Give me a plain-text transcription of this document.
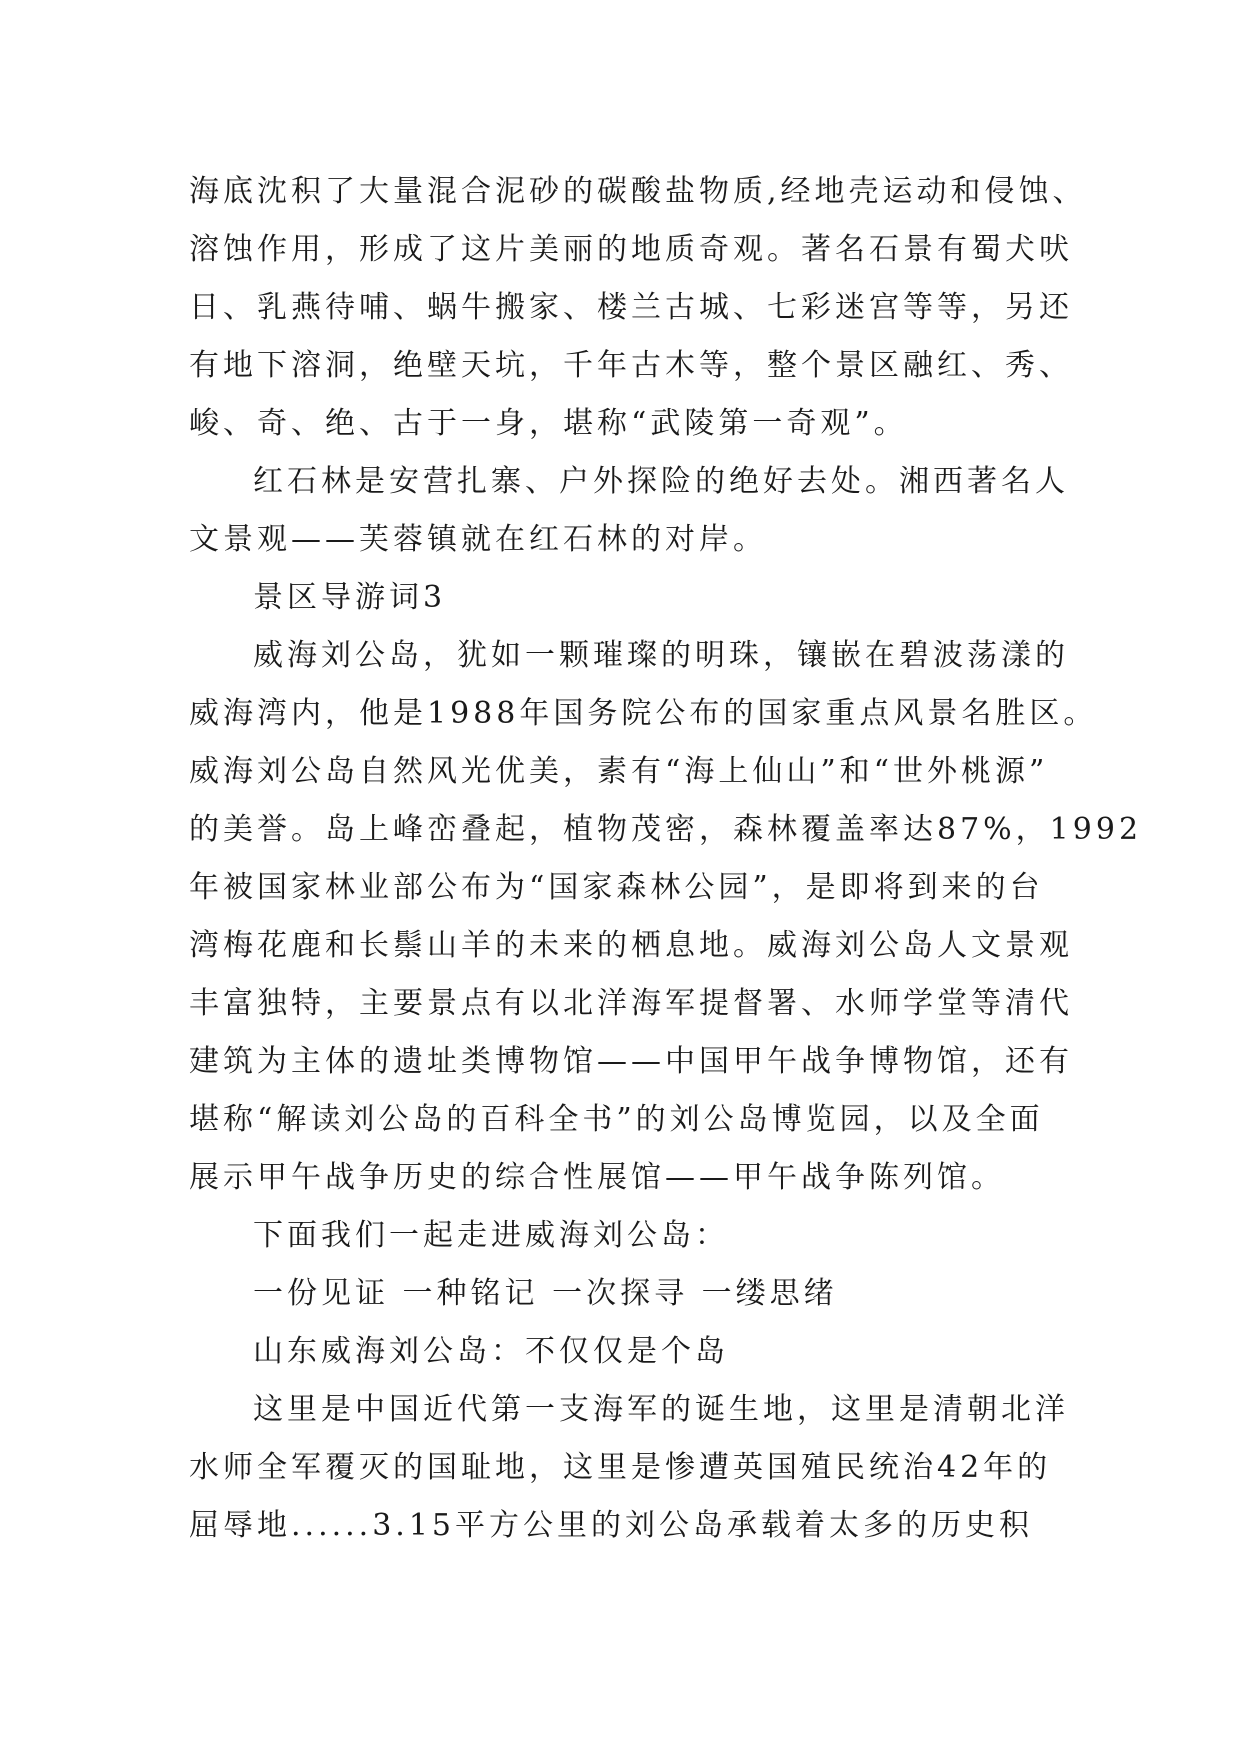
海底沈积了大量混合泥砂的碳酸盐物质,经地壳运动和侵蚀、
溶蚀作用，形成了这片美丽的地质奇观。著名石景有蜀犬吠
日、乳燕待哺、蜗牛搬家、楼兰古城、七彩迷宫等等，另还
有地下溶洞，绝壁天坑，千年古木等，整个景区融红、秀、
峻、奇、绝、古于一身，堪称“武陵第一奇观”。
红石林是安营扎寨、户外探险的绝好去处。湘西著名人
文景观——芙蓉镇就在红石林的对岸。
景区导游词3
威海刘公岛，犹如一颗璀璨的明珠，镶嵌在碧波荡漾的
威海湾内，他是1988年国务院公布的国家重点风景名胜区。
威海刘公岛自然风光优美，素有“海上仙山”和“世外桃源”
的美誉。岛上峰峦叠起，植物茂密，森林覆盖率达87%，1992
年被国家林业部公布为“国家森林公园”，是即将到来的台
湾梅花鹿和长鬃山羊的未来的栖息地。威海刘公岛人文景观
丰富独特，主要景点有以北洋海军提督署、水师学堂等清代
建筑为主体的遗址类博物馆——中国甲午战争博物馆，还有
堪称“解读刘公岛的百科全书”的刘公岛博览园，以及全面
展示甲午战争历史的综合性展馆——甲午战争陈列馆。
下面我们一起走进威海刘公岛：
一份见证 一种铭记 一次探寻 一缕思绪
山东威海刘公岛：不仅仅是个岛
这里是中国近代第一支海军的诞生地，这里是清朝北洋
水师全军覆灭的国耻地，这里是惨遭英国殖民统治42年的
屈辱地......3.15平方公里的刘公岛承载着太多的历史积
